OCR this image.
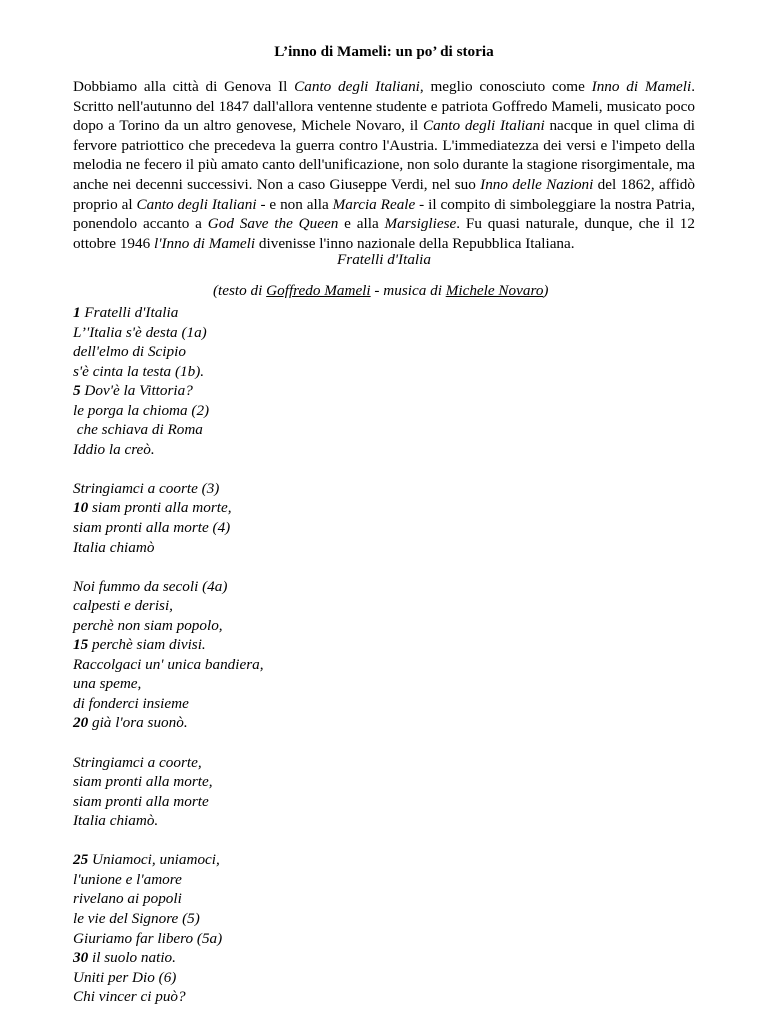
L’inno di Mameli: un po’ di storia

Dobbiamo alla città di Genova Il Canto degli Italiani, meglio conosciuto come Inno di Mameli. Scritto nell'autunno del 1847 dall'allora ventenne studente e patriota Goffredo Mameli, musicato poco dopo a Torino da un altro genovese, Michele Novaro, il Canto degli Italiani nacque in quel clima di fervore patriottico che precedeva la guerra contro l'Austria. L'immediatezza dei versi e l'impeto della melodia ne fecero il più amato canto dell'unificazione, non solo durante la stagione risorgimentale, ma anche nei decenni successivi. Non a caso Giuseppe Verdi, nel suo Inno delle Nazioni del 1862, affidò proprio al Canto degli Italiani - e non alla Marcia Reale - il compito di simboleggiare la nostra Patria, ponendolo accanto a God Save the Queen e alla Marsigliese. Fu quasi naturale, dunque, che il 12 ottobre 1946 l'Inno di Mameli divenisse l'inno nazionale della Repubblica Italiana.

Fratelli d'Italia
(testo di Goffredo Mameli - musica di Michele Novaro)
1 Fratelli d'Italia
L’'Italia s'è desta (1a)
dell'elmo di Scipio
s'è cinta la testa (1b).
5 Dov'è la Vittoria?
le porga la chioma (2)
che schiava di Roma
Iddio la creò.
Stringiamci a coorte (3)
10 siam pronti alla morte,
siam pronti alla morte (4)
Italia chiamò
Noi fummo da secoli (4a)
calpesti e derisi,
perchè non siam popolo,
15 perchè siam divisi.
Raccolgaci un' unica bandiera,
una speme,
di fonderci insieme
20 già l'ora suonò.
Stringiamci a coorte,
siam pronti alla morte,
siam pronti alla morte
Italia chiamò.
25 Uniamoci, uniamoci,
l'unione e l'amore
rivelano ai popoli
le vie del Signore (5)
Giuriamo far libero (5a)
30 il suolo natio.
Uniti per Dio (6)
Chi vincer ci può?
